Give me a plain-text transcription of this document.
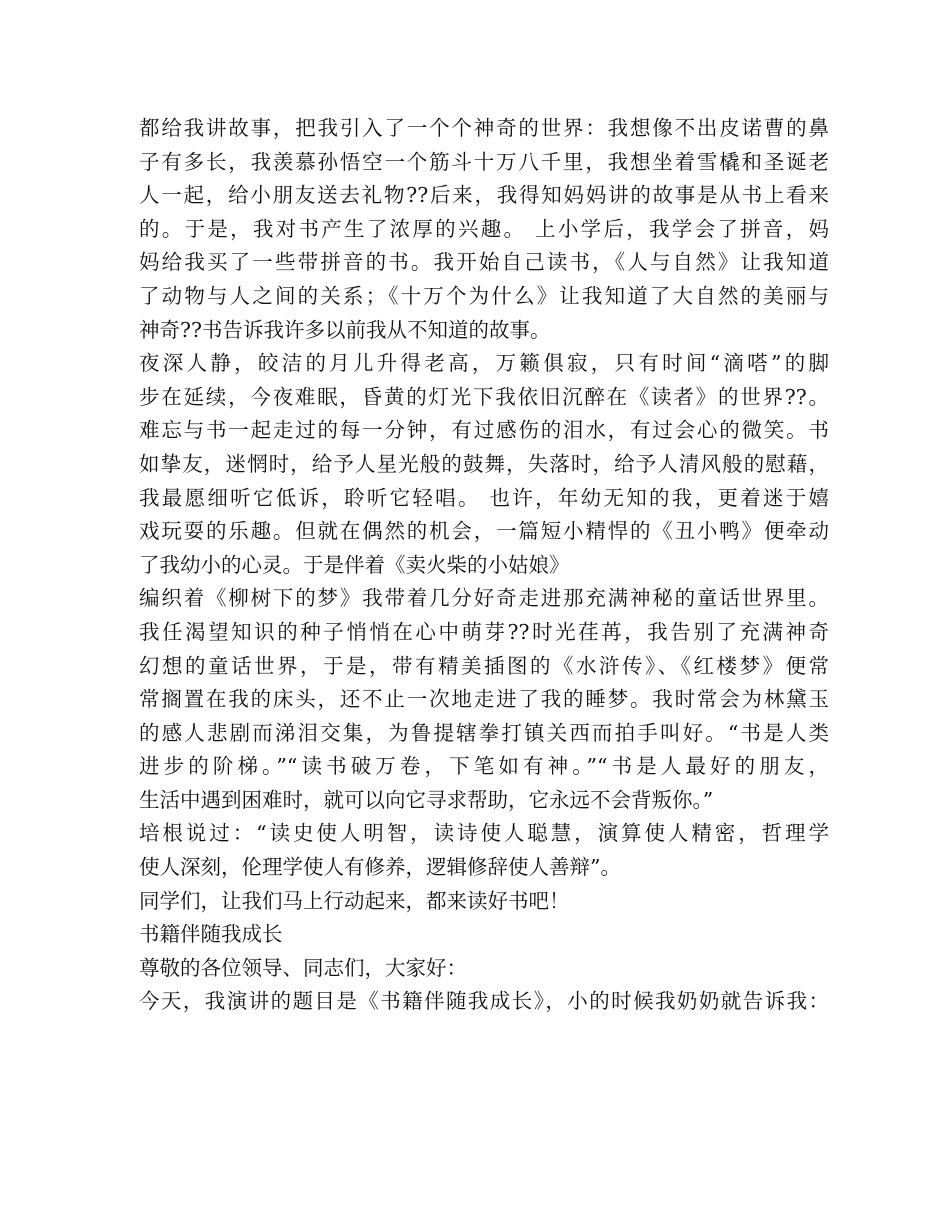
都给我讲故事，把我引入了一个个神奇的世界：我想像不出皮诺曹的鼻
子有多长，我羡慕孙悟空一个筋斗十万八千里，我想坐着雪橇和圣诞老
人一起，给小朋友送去礼物??后来，我得知妈妈讲的故事是从书上看来
的。于是，我对书产生了浓厚的兴趣。 上小学后，我学会了拼音，妈
妈给我买了一些带拼音的书。我开始自己读书，《人与自然》让我知道
了动物与人之间的关系；《十万个为什么》让我知道了大自然的美丽与
神奇??书告诉我许多以前我从不知道的故事。
夜深人静，皎洁的月儿升得老高，万籁俱寂，只有时间“滴嗒”的脚
步在延续，今夜难眠，昏黄的灯光下我依旧沉醉在《读者》的世界??。
难忘与书一起走过的每一分钟，有过感伤的泪水，有过会心的微笑。书
如挚友，迷惘时，给予人星光般的鼓舞，失落时，给予人清风般的慰藉，
我最愿细听它低诉，聆听它轻唱。 也许，年幼无知的我，更着迷于嬉
戏玩耍的乐趣。但就在偶然的机会，一篇短小精悍的《丑小鸭》便牵动
了我幼小的心灵。于是伴着《卖火柴的小姑娘》
编织着《柳树下的梦》我带着几分好奇走进那充满神秘的童话世界里。
我任渴望知识的种子悄悄在心中萌芽??时光荏苒，我告别了充满神奇
幻想的童话世界，于是，带有精美插图的《水浒传》、《红楼梦》便常
常搁置在我的床头，还不止一次地走进了我的睡梦。我时常会为林黛玉
的感人悲剧而涕泪交集，为鲁提辖拳打镇关西而拍手叫好。“书是人类
进步的阶梯。”“读书破万卷，下笔如有神。”“书是人最好的朋友，
生活中遇到困难时，就可以向它寻求帮助，它永远不会背叛你。”
培根说过：“读史使人明智，读诗使人聪慧，演算使人精密，哲理学
使人深刻，伦理学使人有修养，逻辑修辞使人善辩”。
同学们，让我们马上行动起来，都来读好书吧！
书籍伴随我成长
尊敬的各位领导、同志们，大家好：
今天，我演讲的题目是《书籍伴随我成长》，小的时候我奶奶就告诉我：
